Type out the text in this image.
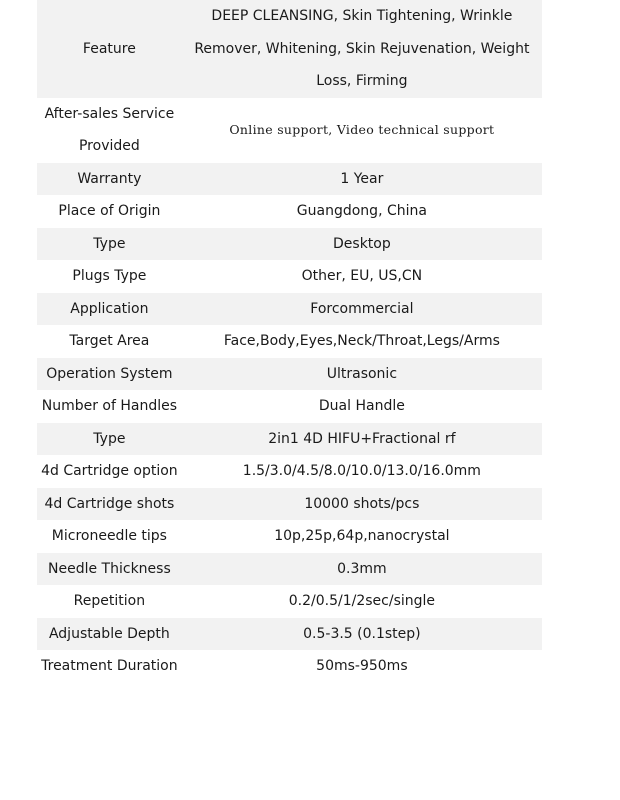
Feature	DEEP CLEANSING, Skin Tightening, Wrinkle Remover, Whitening, Skin Rejuvenation, Weight Loss, Firming
After-sales Service Provided	Online support, Video technical support
Warranty	1 Year
Place of Origin	Guangdong, China
Type	Desktop
Plugs Type	Other, EU, US,CN
Application	Forcommercial
Target Area	Face,Body,Eyes,Neck/Throat,Legs/Arms
Operation System	Ultrasonic
Number of Handles	Dual Handle
Type	2in1 4D HIFU+Fractional rf
4d Cartridge option	1.5/3.0/4.5/8.0/10.0/13.0/16.0mm
4d Cartridge shots	10000 shots/pcs
Microneedle tips	10p,25p,64p,nanocrystal
Needle Thickness	0.3mm
Repetition	0.2/0.5/1/2sec/single
Adjustable Depth	0.5-3.5 (0.1step)
Treatment Duration	50ms-950ms
